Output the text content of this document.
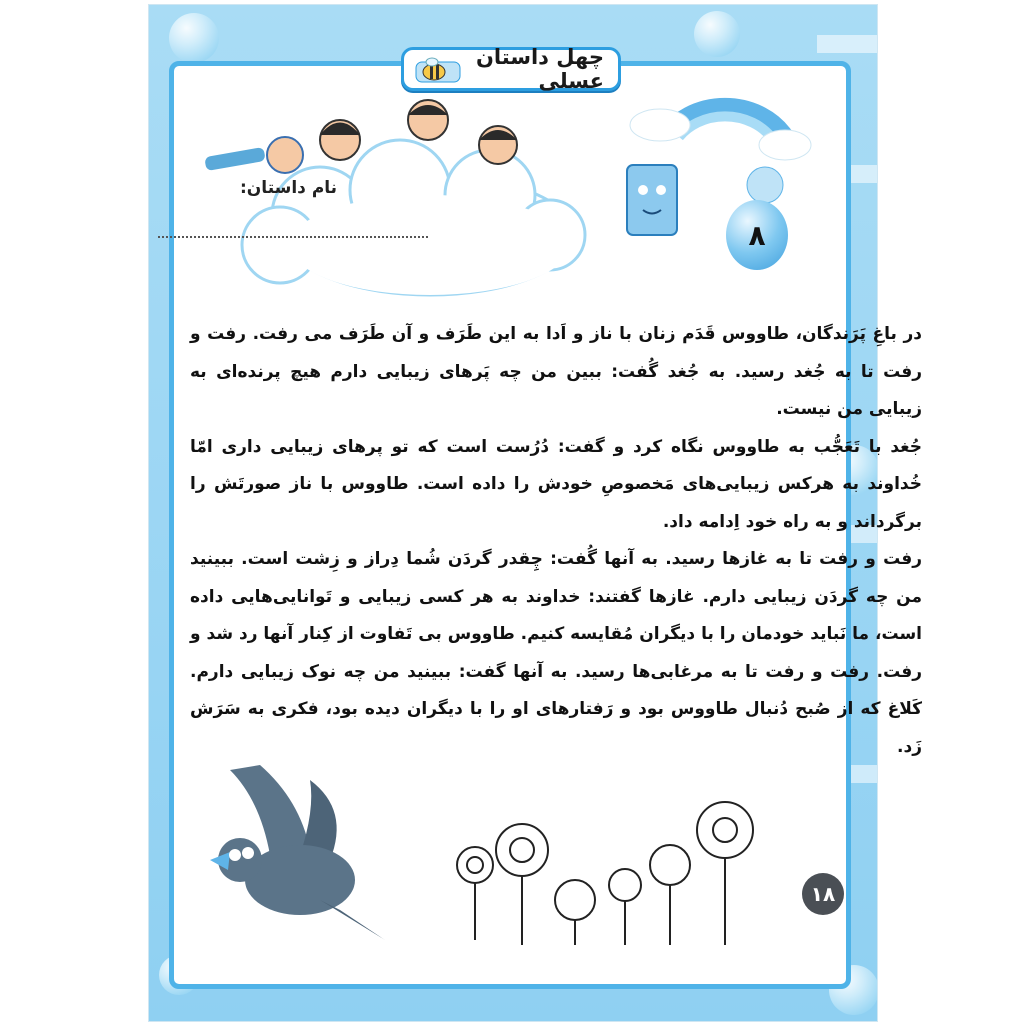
چهل داستان عسلی
نام داستان:
۸

در باغِ پَرَندگان، طاووس قَدَم زنان با ناز و اَدا به این طَرَف و آن طَرَف می رفت. رفت و رفت تا به جُغد رسید. به جُغد گُفت: ببین من چه پَرهای زیبایی دارم هیچ پرنده‌ای به زیبایی من نیست.

جُغد با تَعَجُّب به طاووس نگاه کرد و گفت: دُرُست است که تو پرهای زیبایی داری امّا خُداوند به هرکس زیبایی‌های مَخصوصِ خودش را داده است. طاووس با ناز صورتَش را برگرداند و به راه خود اِدامه داد.

رفت و رفت تا به غازها رسید. به آنها گُفت: چِقدر گردَن شُما دِراز و زِشت است. ببینید من چه گردَن زیبایی دارم. غازها گفتند: خداوند به هر کسی زیبایی و تَوانایی‌هایی داده است، ما نَباید خودمان را با دیگران مُقایسه کنیم. طاووس بی تَفاوت از کِنار آنها رد شد و رفت. رفت و رفت تا به مرغابی‌ها رسید. به آنها گفت: ببینید من چه نوک زیبایی دارم. کَلاغ که از صُبح دُنبال طاووس بود و رَفتارهای او را با دیگران دیده بود، فکری به سَرَش زَد.

۱۸
